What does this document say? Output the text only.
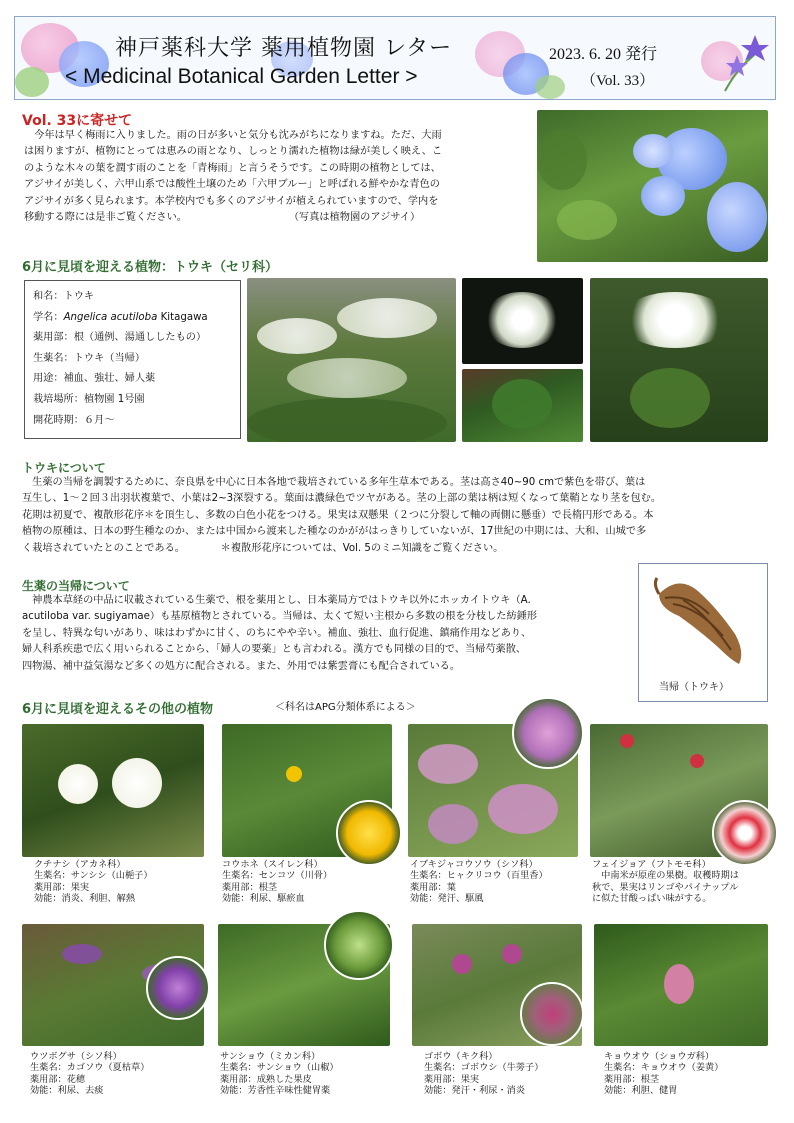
神戸薬科大学 薬用植物園 レター
< Medicinal Botanical Garden Letter >
2023. 6. 20 発行
（Vol. 33）
Vol. 33に寄せて
　今年は早く梅雨に入りました。雨の日が多いと気分も沈みがちになりますね。ただ、大雨
は困りますが、植物にとっては恵みの雨となり、しっとり濡れた植物は緑が美しく映え、こ
のような木々の葉を潤す雨のことを「青梅雨」と言うそうです。この時期の植物としては、
アジサイが美しく、六甲山系では酸性土壌のため「六甲ブルー」と呼ばれる鮮やかな青色の
アジサイが多く見られます。本学校内でも多くのアジサイが植えられていますので、学内を
移動する際には是非ご覧ください。　　　　　　　　　　　（写真は植物園のアジサイ）
6月に見頃を迎える植物：トウキ（セリ科）
和名：トウキ
学名：Angelica acutiloba Kitagawa
薬用部：根（通例、湯通ししたもの）
生薬名：トウキ（当帰）
用途：補血、強壮、婦人薬
栽培場所：植物園 1号園
開花時期：６月～
トウキについて
　生薬の当帰を調製するために、奈良県を中心に日本各地で栽培されている多年生草本である。茎は高さ40~90 cmで紫色を帯び、葉は
互生し、1～２回３出羽状複葉で、小葉は2~3深裂する。葉面は濃緑色でツヤがある。茎の上部の葉は柄は短くなって葉鞘となり茎を包む。
花期は初夏で、複散形花序＊を頂生し、多数の白色小花をつける。果実は双懸果（２つに分裂して軸の両側に懸垂）で長楕円形である。本
植物の原種は、日本の野生種なのか、または中国から渡来した種なのかががはっきりしていないが、17世紀の中期には、大和、山城で多
く栽培されていたとのことである。　　　　＊複散形花序については、Vol. 5のミニ知識をご覧ください。
生薬の当帰について
　神農本草経の中品に収載されている生薬で、根を薬用とし、日本薬局方ではトウキ以外にホッカイトウキ（A.
acutiloba var. sugiyamae）も基原植物とされている。当帰は、太くて短い主根から多数の根を分枝した紡錘形
を呈し、特異な匂いがあり、味はわずかに甘く、のちにやや辛い。補血、強壮、血行促進、鎮痛作用などあり、
婦人科系疾患で広く用いられることから、「婦人の要薬」とも言われる。漢方でも同様の目的で、当帰芍薬散、
四物湯、補中益気湯など多くの処方に配合される。また、外用では紫雲膏にも配合されている。
当帰（トウキ）
6月に見頃を迎えるその他の植物	＜科名はAPG分類体系による＞
クチナシ（アカネ科）
生薬名：サンシシ（山梔子）
薬用部：果実
効能：消炎、利胆、解熱
コウホネ（スイレン科）
生薬名：センコツ（川骨）
薬用部：根茎
効能：利尿、駆瘀血
イブキジャコウソウ（シソ科）
生薬名：ヒャクリコウ（百里香）
薬用部：葉
効能：発汗、駆風
フェイジョア（フトモモ科）
　中南米が原産の果樹。収穫時期は
秋で、果実はリンゴやパイナップル
に似た甘酸っぱい味がする。
ウツボグサ（シソ科）
生薬名：カゴソウ（夏枯草）
薬用部：花穂
効能：利尿、去痰
サンショウ（ミカン科）
生薬名：サンショウ（山椒）
薬用部：成熟した果皮
効能：芳香性辛味性健胃薬
ゴボウ（キク科）
生薬名：ゴボウシ（牛蒡子）
薬用部：果実
効能：発汗・利尿・消炎
キョウオウ（ショウガ科）
生薬名：キョウオウ（姜黄）
薬用部：根茎
効能：利胆、健胃
